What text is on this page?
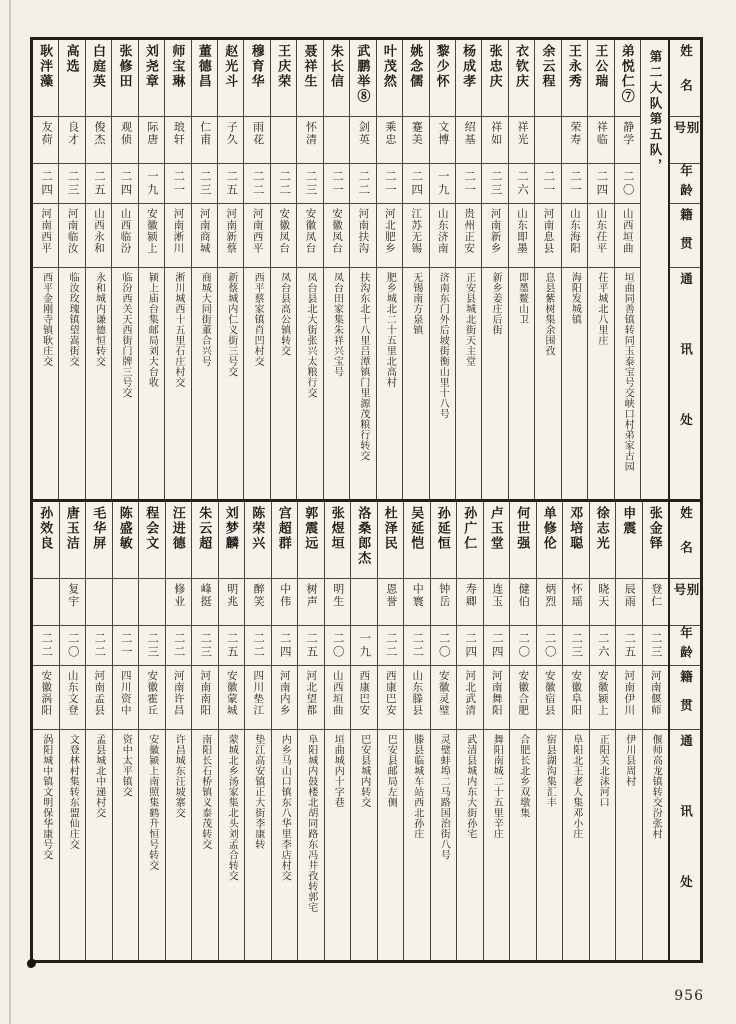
姓名
别号
年龄
籍贯
通讯处
第二大队第五队，
弟悦仁⑦
静学
二〇
山西垣曲
垣曲同善镇转同玉泰宝号交峡口村弟家古园
王公瑞
祥临
二四
山东茌平
茌平城北八里庄
王永秀
荣寿
二一
山东海阳
海阳发城镇
余云程
二一
河南息县
息县紫树集余围孜
衣钦庆
祥光
二六
山东即墨
即墨鳌山卫
张忠庆
祥如
二三
河南新乡
新乡姜庄后街
杨成孝
绍基
二一
贵州正安
正安县城北街天主堂
黎少怀
文博
一九
山东济南
济南东门外后坡街衡山里十八号
姚念儒
蹇美
二四
江苏无锡
无锡南方泉镇
叶茂然
乘忠
二一
河北肥乡
肥乡城北二十五里北高村
武鹏举⑧
剑英
二二
河南扶沟
扶沟东北十八里吕潭镇门里源茂粮行转交
朱长信
二一
安徽凤台
凤台田家集朱祥兴宝号
聂祥生
怀清
二三
安徽凤台
凤台县北大街张兴太粮行交
王庆荣
二二
安徽凤台
凤台县高公镇转交
穆育华
雨花
二二
河南西平
西平蔡家镇肖凹村交
赵光斗
子久
二五
河南新蔡
新蔡城内仁义街三号交
董德昌
仁甫
二三
河南商城
商城大同街董合兴号
师宝琳
琅轩
二一
河南淅川
淅川城西十五里石庄村交
刘尧章
际唐
一九
安徽颍上
颍上庙台集邮局刘大台收
张修田
观侦
二四
山西临汾
临汾西关天西街门牌三号交
白庭英
俊杰
二五
山西永和
永和城内谦德恒转交
高选
良才
二三
河南临汝
临汝玫瑰镇望嵩街交
耿泮藻
友荷
二四
河南西平
西平金刚寺镇耿庄交
姓名
别号
年龄
籍贯
通讯处
张金铎
登仁
二三
河南偃师
偃师高龙镇转交汾张村
申震
辰雨
二五
河南伊川
伊川县周村
徐志光
晓天
二六
安徽颍上
正阳关北沫河口
邓培聪
怀瑶
二三
安徽阜阳
阜阳北王老人集邓小庄
单修伦
炳烈
二〇
安徽宿县
宿县湖沟集汇丰
何世强
健伯
二〇
安徽合肥
合肥长北乡双墩集
卢玉堂
连玉
二四
河南舞阳
舞阳南城二十五里辛庄
孙广仁
寿卿
二四
河北武清
武清县城内东大街孙宅
孙延恒
钟岳
二〇
安徽灵璧
灵璧蚌埠二马路国治街八号
吴延恺
中寰
二二
山东滕县
滕县临城车站西北孙庄
杜泽民
恩誉
二二
西康巴安
巴安县邮局左侧
洛桑郎杰
一九
西康巴安
巴安县城内转交
张煜垣
明生
二〇
山西垣曲
垣曲城内十字巷
郭震远
树声
二五
河北望都
阜阳城内鼓楼北胡同路东冯井孜转郭宅
宫超群
中伟
二四
河南内乡
内乡马山口镇东八华里李店村交
陈荣兴
醉笑
二二
四川垫江
垫江高安镇正大街李康转
刘梦麟
明兆
二五
安徽蒙城
蒙城北乡汤家集北头刘孟合转交
朱云超
峰挺
二三
河南南阳
南阳长石桥镇义泰茂转交
汪进德
修业
二二
河南许昌
许昌城东汪坡寨交
程会文
二三
安徽霍丘
安徽颍上南照集鹤升恒号转交
陈盛敏
二一
四川资中
资中太平镇交
毛华屏
二二
河南孟县
孟县城北中递村交
唐玉洁
复宇
二〇
山东文登
文登林村集转东盟仙庄交
孙效良
二二
安徽涡阳
涡阳城中镇文明保华康号交
956
